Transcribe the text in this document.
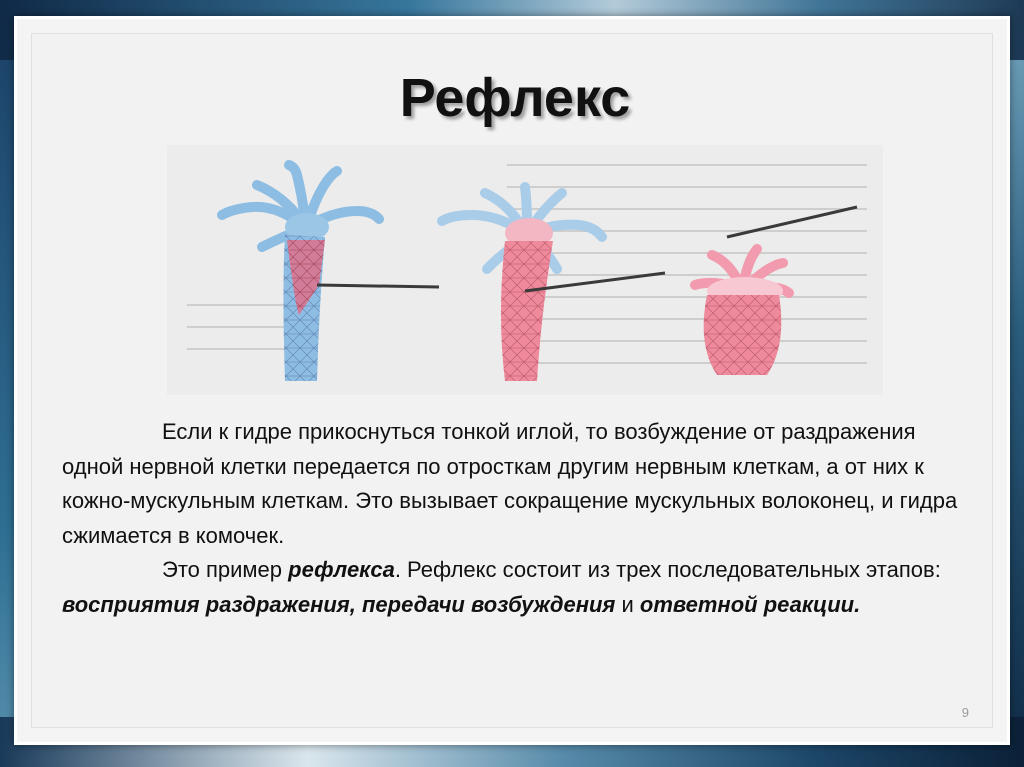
Рефлекс

Если к гидре прикоснуться тонкой иглой, то возбуждение от раздражения одной нервной клетки передается по отросткам другим нервным клеткам, а от них к кожно-мускульным клеткам. Это вызывает сокращение мускульных волоконец, и гидра сжимается в комочек.

Это пример рефлекса. Рефлекс состоит из трех последовательных этапов: восприятия раздражения, передачи возбуждения и ответной реакции.

9
